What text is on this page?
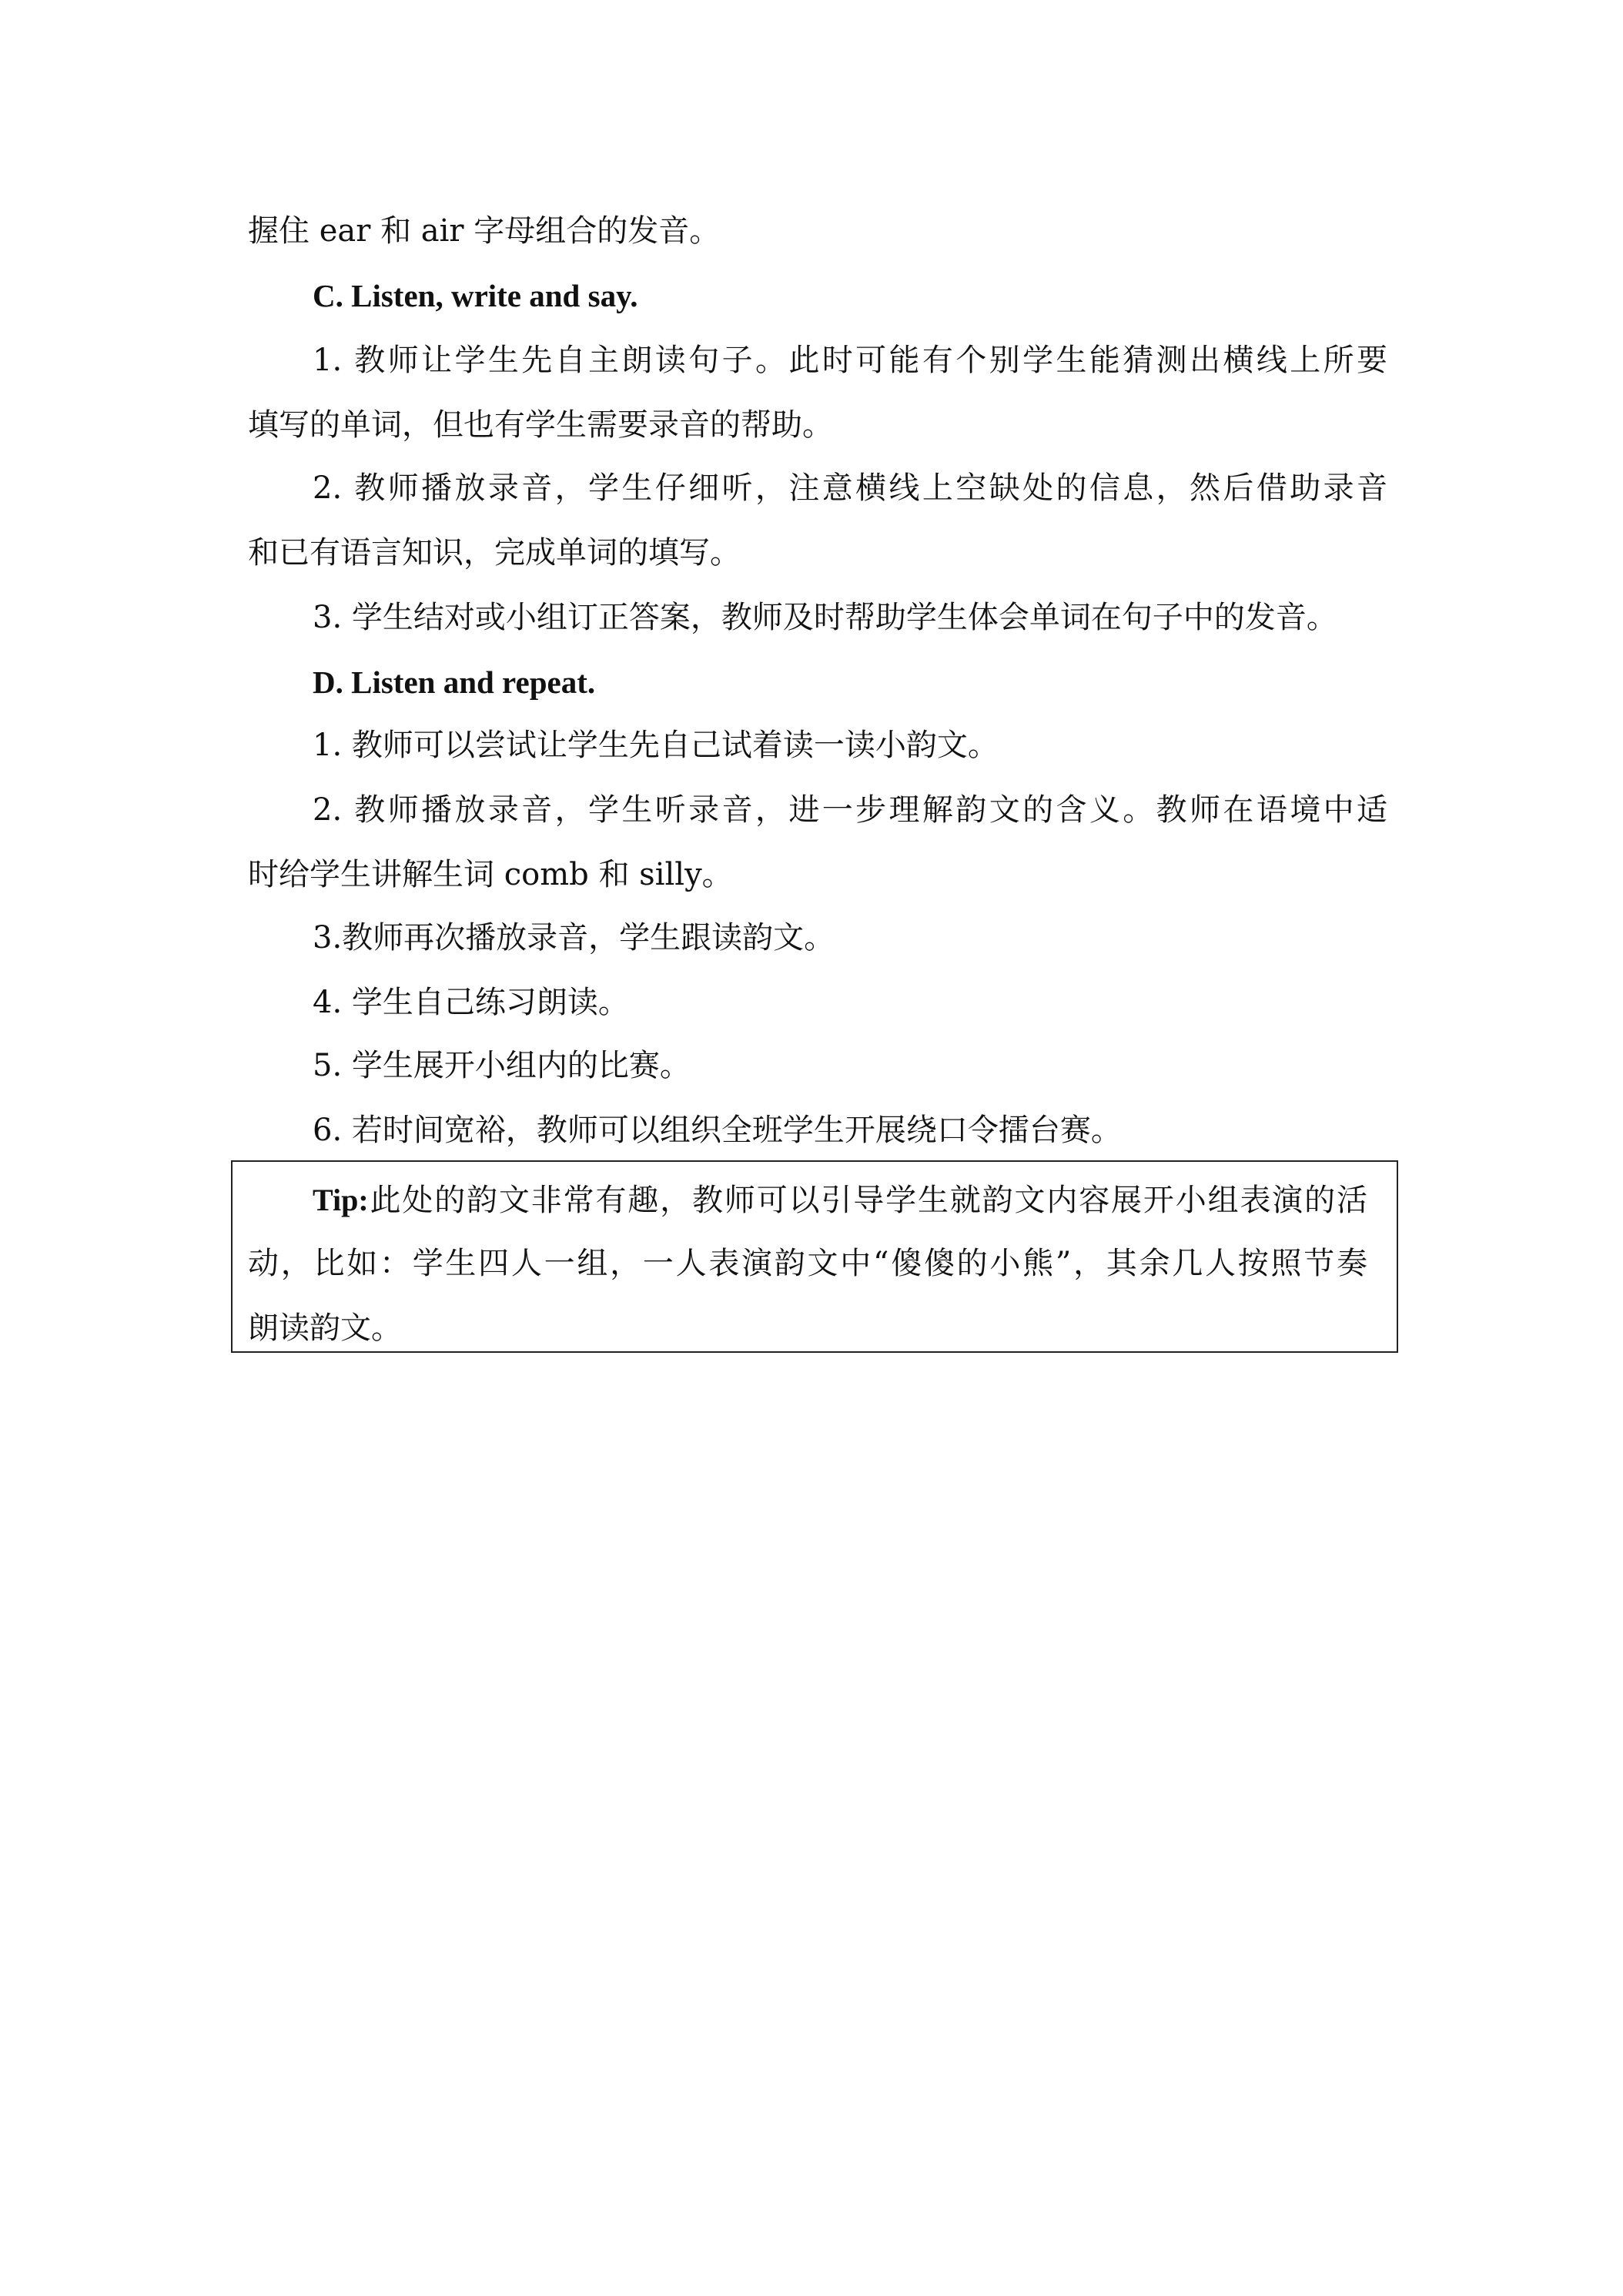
握住 ear 和 air 字母组合的发音。
C. Listen, write and say.
1. 教师让学生先自主朗读句子。此时可能有个别学生能猜测出横线上所要
填写的单词，但也有学生需要录音的帮助。
2. 教师播放录音，学生仔细听，注意横线上空缺处的信息，然后借助录音
和已有语言知识，完成单词的填写。
3. 学生结对或小组订正答案，教师及时帮助学生体会单词在句子中的发音。
D. Listen and repeat.
1. 教师可以尝试让学生先自己试着读一读小韵文。
2. 教师播放录音，学生听录音，进一步理解韵文的含义。教师在语境中适
时给学生讲解生词 comb 和 silly。
3.教师再次播放录音，学生跟读韵文。
4. 学生自己练习朗读。
5. 学生展开小组内的比赛。
6. 若时间宽裕，教师可以组织全班学生开展绕口令擂台赛。
Tip:此处的韵文非常有趣，教师可以引导学生就韵文内容展开小组表演的活
动，比如：学生四人一组，一人表演韵文中“傻傻的小熊”，其余几人按照节奏
朗读韵文。
